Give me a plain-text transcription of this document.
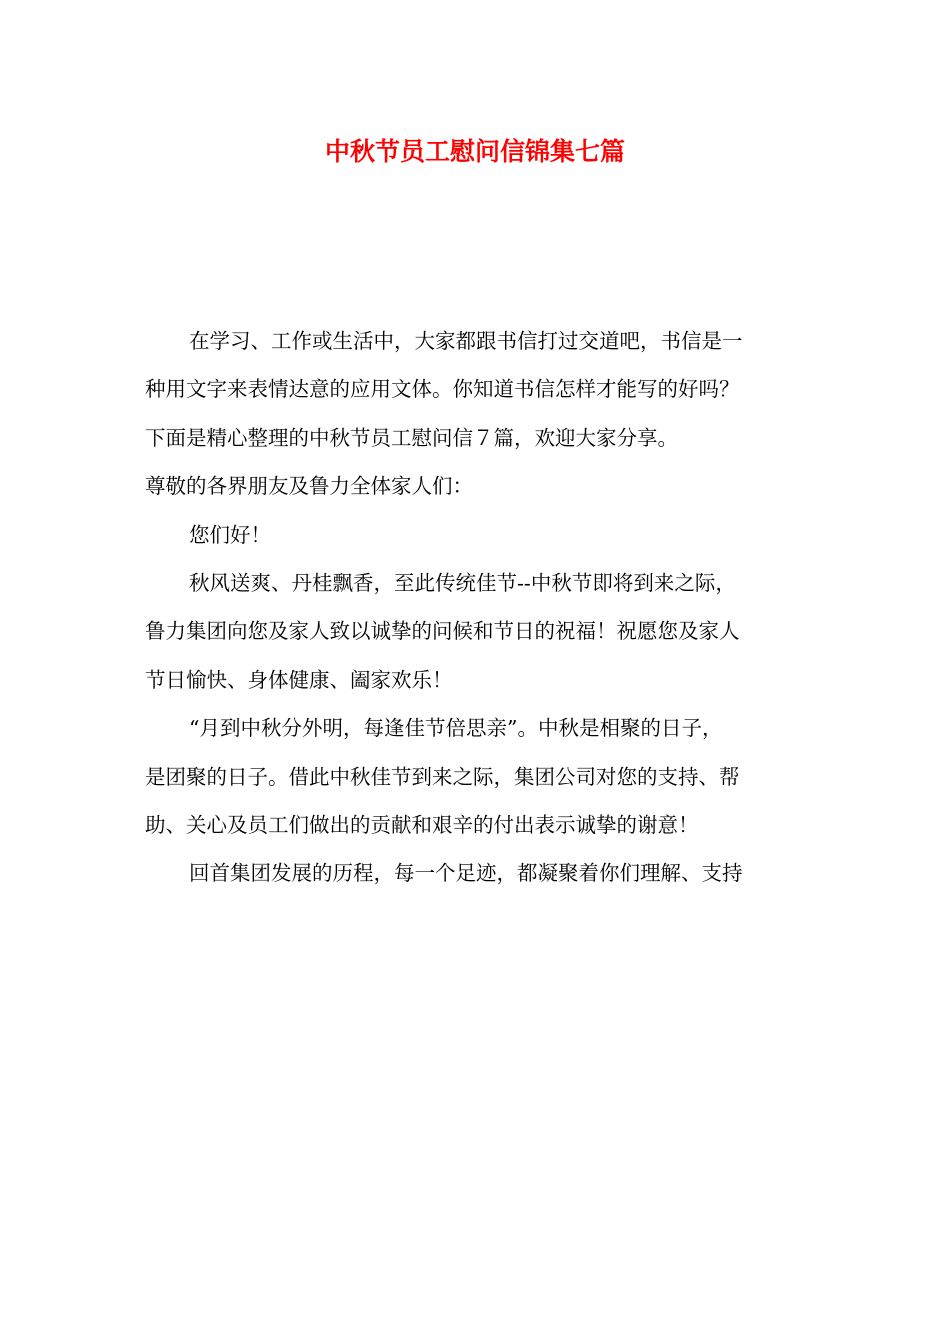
中秋节员工慰问信锦集七篇
在学习、工作或生活中，大家都跟书信打过交道吧，书信是一
种用文字来表情达意的应用文体。你知道书信怎样才能写的好吗？
下面是精心整理的中秋节员工慰问信７篇，欢迎大家分享。
尊敬的各界朋友及鲁力全体家人们：
您们好！
秋风送爽、丹桂飘香，至此传统佳节--中秋节即将到来之际，
鲁力集团向您及家人致以诚挚的问候和节日的祝福！祝愿您及家人
节日愉快、身体健康、阖家欢乐！
“月到中秋分外明，每逢佳节倍思亲”。中秋是相聚的日子，
是团聚的日子。借此中秋佳节到来之际，集团公司对您的支持、帮
助、关心及员工们做出的贡献和艰辛的付出表示诚挚的谢意！
回首集团发展的历程，每一个足迹，都凝聚着你们理解、支持
